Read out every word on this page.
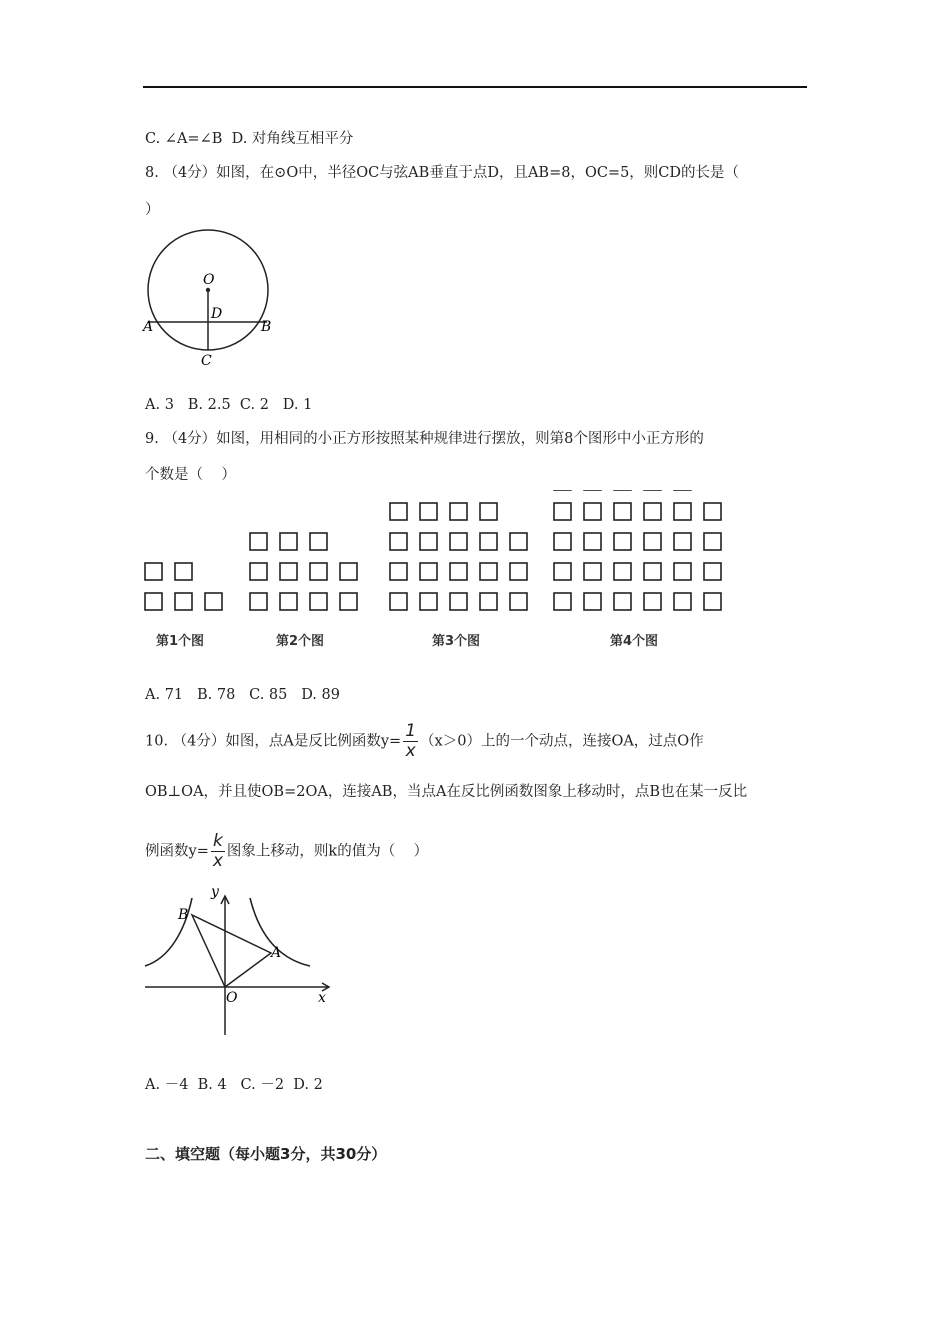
C. ∠A=∠B  D. 对角线互相平分
8. （4分）如图，在⊙O中，半径OC与弦AB垂直于点D，且AB=8，OC=5，则CD的长是（
）
O
D
A	B
C
A. 3   B. 2.5  C. 2   D. 1
9. （4分）如图，用相同的小正方形按照某种规律进行摆放，则第8个图形中小正方形的
个数是（    ）
第1个图	第2个图	第3个图	第4个图
A. 71   B. 78   C. 85   D. 89
10. （4分）如图，点A是反比例函数$y= \frac{1}{x} (x>0)$上的一个动点，连接OA，过点O作
OB⊥OA，并且使OB=2OA，连接AB，当点A在反比例函数图象上移动时，点B也在某一反比
例函数$y= \frac{k}{x}$ 图象上移动，则k的值为（    ）
y
x
B
A
O
A. －4  B. 4   C. －2  D. 2
二、填空题（每小题3分，共30分）
